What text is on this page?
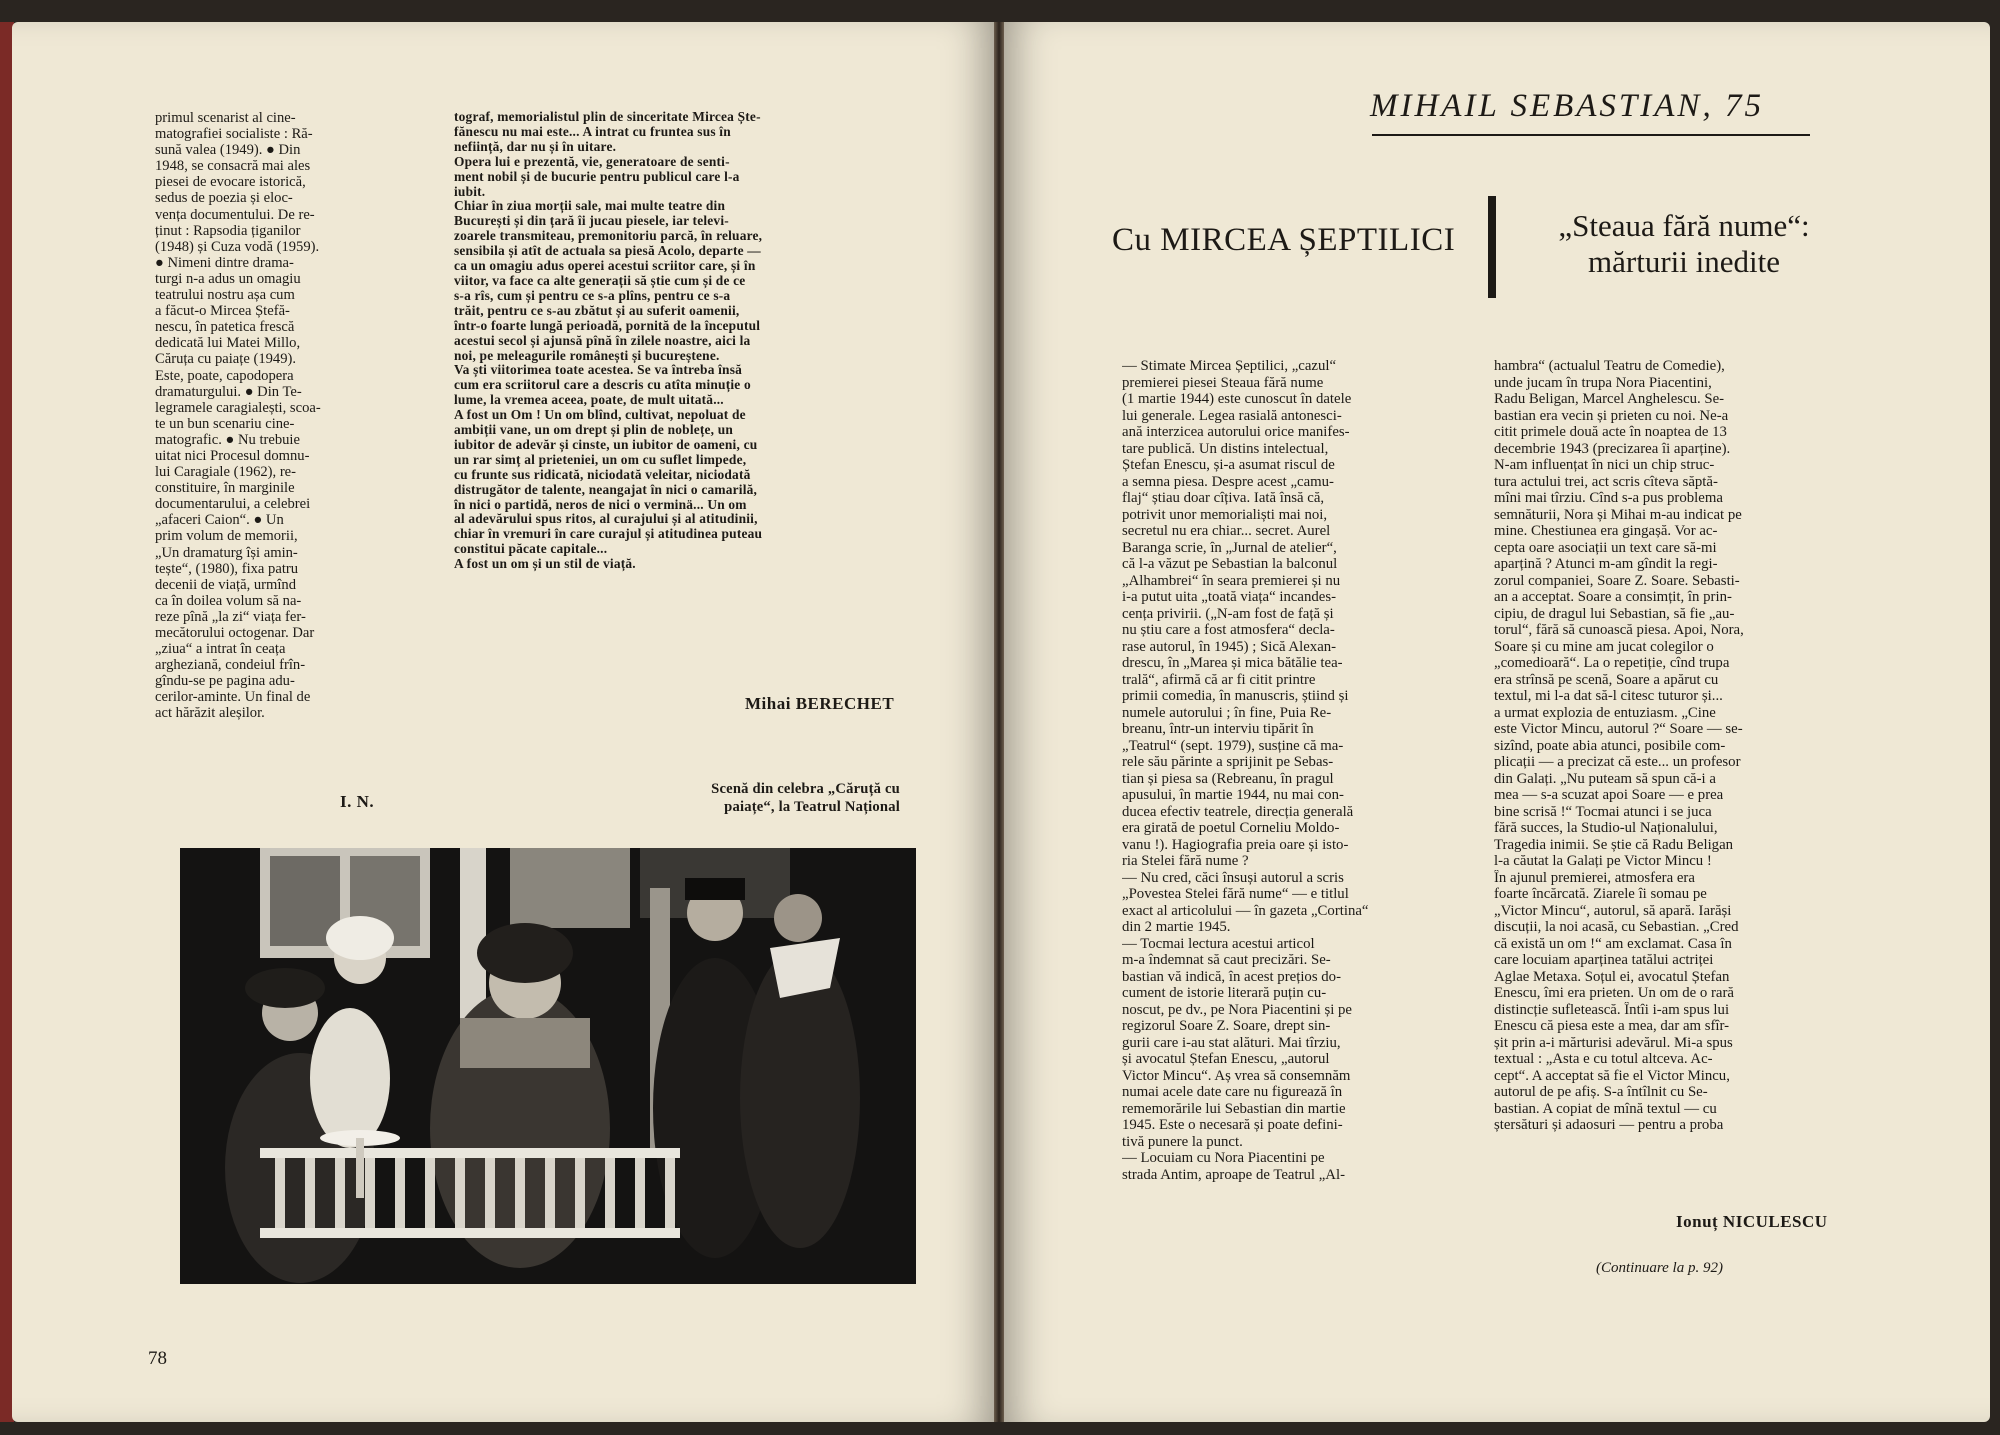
primul scenarist al cine-
matografiei socialiste : Ră-
sună valea (1949). ● Din
1948, se consacră mai ales
piesei de evocare istorică,
sedus de poezia și eloc-
vența documentului. De re-
ținut : Rapsodia țiganilor
(1948) și Cuza vodă (1959).
● Nimeni dintre drama-
turgi n-a adus un omagiu
teatrului nostru așa cum
a făcut-o Mircea Ștefă-
nescu, în patetica frescă
dedicată lui Matei Millo,
Căruța cu paiațe (1949).
Este, poate, capodopera
dramaturgului. ● Din Te-
legramele caragialești, scoa-
te un bun scenariu cine-
matografic. ● Nu trebuie
uitat nici Procesul domnu-
lui Caragiale (1962), re-
constituire, în marginile
documentarului, a celebrei
„afaceri Caion“. ● Un
prim volum de memorii,
„Un dramaturg își amin-
tește“, (1980), fixa patru
decenii de viață, urmînd
ca în doilea volum să na-
reze pînă „la zi“ viața fer-
mecătorului octogenar. Dar
„ziua“ a intrat în ceața
argheziană, condeiul frîn-
gîndu-se pe pagina adu-
cerilor-aminte. Un final de
act hărăzit aleșilor.
I. N.
tograf, memorialistul plin de sinceritate Mircea Ște-
fănescu nu mai este... A intrat cu fruntea sus în
neființă, dar nu și în uitare.
Opera lui e prezentă, vie, generatoare de senti-
ment nobil și de bucurie pentru publicul care l-a
iubit.
Chiar în ziua morții sale, mai multe teatre din
București și din țară îi jucau piesele, iar televi-
zoarele transmiteau, premonitoriu parcă, în reluare,
sensibila și atît de actuala sa piesă Acolo, departe —
ca un omagiu adus operei acestui scriitor care, și în
viitor, va face ca alte generații să știe cum și de ce
s-a rîs, cum și pentru ce s-a plîns, pentru ce s-a
trăit, pentru ce s-au zbătut și au suferit oamenii,
într-o foarte lungă perioadă, pornită de la începutul
acestui secol și ajunsă pînă în zilele noastre, aici la
noi, pe meleagurile românești și bucureștene.
Va ști viitorimea toate acestea. Se va întreba însă
cum era scriitorul care a descris cu atîta minuție o
lume, la vremea aceea, poate, de mult uitată...
A fost un Om ! Un om blînd, cultivat, nepoluat de
ambiții vane, un om drept și plin de noblețe, un
iubitor de adevăr și cinste, un iubitor de oameni, cu
un rar simț al prieteniei, un om cu suflet limpede,
cu fruntе sus ridicată, niciodată veleitar, niciodată
distrugător de talente, neangajat în nici o camarilă,
în nici o partidă, neros de nici o verminä... Un om
al adevărului spus ritos, al curajului și al atitudinii,
chiar în vremuri în care curajul și atitudinea puteau
constitui păcate capitale...
A fost un om și un stil de viață.
Mihai BERECHET
Scenă din celebra „Căruță cu
paiațe“, la Teatrul Național
78
MIHAIL SEBASTIAN, 75
Cu MIRCEA ȘEPTILICI	„Steaua fără nume“:
mărturii inedite
— Stimate Mircea Șeptilici, „cazul“
premierei piesei Steaua fără nume
(1 martie 1944) este cunoscut în datele
lui generale. Legea rasială antonesci-
ană interzicea autorului orice manifes-
tare publică. Un distins intelectual,
Ștefan Enescu, și-a asumat riscul de
a semna piesa. Despre acest „camu-
flaj“ știau doar cîțiva. Iată însă că,
potrivit unor memorialiști mai noi,
secretul nu era chiar... secret. Aurel
Baranga scrie, în „Jurnal de atelier“,
că l-a văzut pe Sebastian la balconul
„Alhambrei“ în seara premierei și nu
i-a putut uita „toată viața“ incandes-
cența privirii. („N-am fost de față și
nu știu care a fost atmosfera“ decla-
rase autorul, în 1945) ; Sică Alexan-
drescu, în „Marea și mica bătălie tea-
trală“, afirmă că ar fi citit printre
primii comedia, în manuscris, știind și
numele autorului ; în fine, Puia Re-
breanu, într-un interviu tipărit în
„Teatrul“ (sept. 1979), susține că ma-
rele său părinte a sprijinit pe Sebas-
tian și piesa sa (Rebreanu, în pragul
apusului, în martie 1944, nu mai con-
ducea efectiv teatrele, direcția generală
era girată de poetul Corneliu Moldo-
vanu !). Hagiografia preia oare și isto-
ria Stelei fără nume ?
— Nu cred, căci însuși autorul a scris
„Povestea Stelei fără nume“ — e titlul
exact al articolului — în gazeta „Cortina“
din 2 martie 1945.
— Tocmai lectura acestui articol
m-a îndemnat să caut precizări. Se-
bastian vă indică, în acest prețios do-
cument de istorie literară puțin cu-
noscut, pe dv., pe Nora Piacentini și pe
regizorul Soare Z. Soare, drept sin-
gurii care i-au stat alături. Mai tîrziu,
și avocatul Ștefan Enescu, „autorul
Victor Mincu“. Aș vrea să consemnăm
numai acele date care nu figurează în
rememorările lui Sebastian din martie
1945. Este o necesară și poate defini-
tivă punere la punct.
— Locuiam cu Nora Piacentini pe
strada Antim, aproape de Teatrul „Al-
hambra“ (actualul Teatru de Comedie),
unde jucam în trupa Nora Piacentini,
Radu Beligan, Marcel Anghelescu. Se-
bastian era vecin și prieten cu noi. Ne-a
citit primele două acte în noaptea de 13
decembrie 1943 (precizarea îi aparține).
N-am influențat în nici un chip struc-
tura actului trei, act scris cîteva săptă-
mîni mai tîrziu. Cînd s-a pus problema
semnăturii, Nora și Mihai m-au indicat pe
mine. Chestiunea era gingașă. Vor ac-
cepta oare asociații un text care să-mi
aparțină ? Atunci m-am gîndit la regi-
zorul companiei, Soare Z. Soare. Sebasti-
an a acceptat. Soare a consimțit, în prin-
cipiu, de dragul lui Sebastian, să fie „au-
torul“, fără să cunoască piesa. Apoi, Nora,
Soare și cu mine am jucat colegilor o
„comedioară“. La o repetiție, cînd trupa
era strînsă pe scenă, Soare a apărut cu
textul, mi l-a dat să-l citesc tuturor și...
a urmat explozia de entuziasm. „Cine
este Victor Mincu, autorul ?“ Soare — se-
sizînd, poate abia atunci, posibile com-
plicații — a precizat că este... un profesor
din Galați. „Nu puteam să spun că-i a
mea — s-a scuzat apoi Soare — e prea
bine scrisă !“ Tocmai atunci i se juca
fără succes, la Studio-ul Naționalului,
Tragedia inimii. Se știe că Radu Beligan
l-a căutat la Galați pe Victor Mincu !
În ajunul premierei, atmosfera era
foarte încărcată. Ziarele îi somau pe
„Victor Mincu“, autorul, să apară. Iarăși
discuții, la noi acasă, cu Sebastian. „Cred
că există un om !“ am exclamat. Casa în
care locuiam aparținea tatălui actriței
Aglae Metaxa. Soțul ei, avocatul Ștefan
Enescu, îmi era prieten. Un om de o rară
distincție sufletească. Întîi i-am spus lui
Enescu că piesa este a mea, dar am sfîr-
șit prin a-i mărturisi adevărul. Mi-a spus
textual : „Asta e cu totul altceva. Ac-
cept“. A acceptat să fie el Victor Mincu,
autorul de pe afiș. S-a întîlnit cu Se-
bastian. A copiat de mînă textul — cu
ștersături și adaosuri — pentru a proba
Ionuț NICULESCU
(Continuare la p. 92)
